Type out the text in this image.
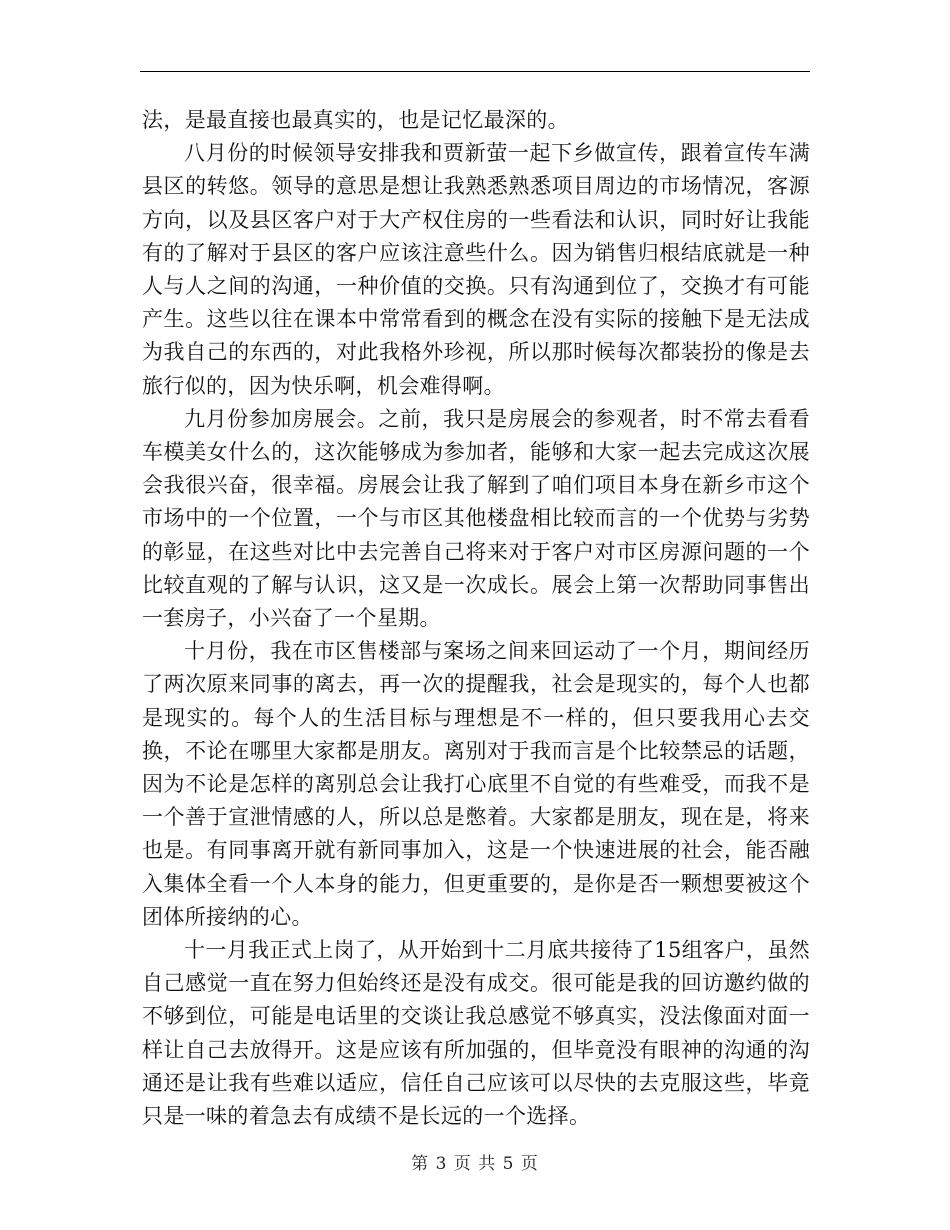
法，是最直接也最真实的，也是记忆最深的。

八月份的时候领导安排我和贾新萤一起下乡做宣传，跟着宣传车满县区的转悠。领导的意思是想让我熟悉熟悉项目周边的市场情况，客源方向，以及县区客户对于大产权住房的一些看法和认识，同时好让我能有的了解对于县区的客户应该注意些什么。因为销售归根结底就是一种人与人之间的沟通，一种价值的交换。只有沟通到位了，交换才有可能产生。这些以往在课本中常常看到的概念在没有实际的接触下是无法成为我自己的东西的，对此我格外珍视，所以那时候每次都装扮的像是去旅行似的，因为快乐啊，机会难得啊。

九月份参加房展会。之前，我只是房展会的参观者，时不常去看看车模美女什么的，这次能够成为参加者，能够和大家一起去完成这次展会我很兴奋，很幸福。房展会让我了解到了咱们项目本身在新乡市这个市场中的一个位置，一个与市区其他楼盘相比较而言的一个优势与劣势的彰显，在这些对比中去完善自己将来对于客户对市区房源问题的一个比较直观的了解与认识，这又是一次成长。展会上第一次帮助同事售出一套房子，小兴奋了一个星期。

十月份，我在市区售楼部与案场之间来回运动了一个月，期间经历了两次原来同事的离去，再一次的提醒我，社会是现实的，每个人也都是现实的。每个人的生活目标与理想是不一样的，但只要我用心去交换，不论在哪里大家都是朋友。离别对于我而言是个比较禁忌的话题，因为不论是怎样的离别总会让我打心底里不自觉的有些难受，而我不是一个善于宣泄情感的人，所以总是憋着。大家都是朋友，现在是，将来也是。有同事离开就有新同事加入，这是一个快速进展的社会，能否融入集体全看一个人本身的能力，但更重要的，是你是否一颗想要被这个团体所接纳的心。

十一月我正式上岗了，从开始到十二月底共接待了15组客户，虽然自己感觉一直在努力但始终还是没有成交。很可能是我的回访邀约做的不够到位，可能是电话里的交谈让我总感觉不够真实，没法像面对面一样让自己去放得开。这是应该有所加强的，但毕竟没有眼神的沟通的沟通还是让我有些难以适应，信任自己应该可以尽快的去克服这些，毕竟只是一味的着急去有成绩不是长远的一个选择。

第 3 页 共 5 页
